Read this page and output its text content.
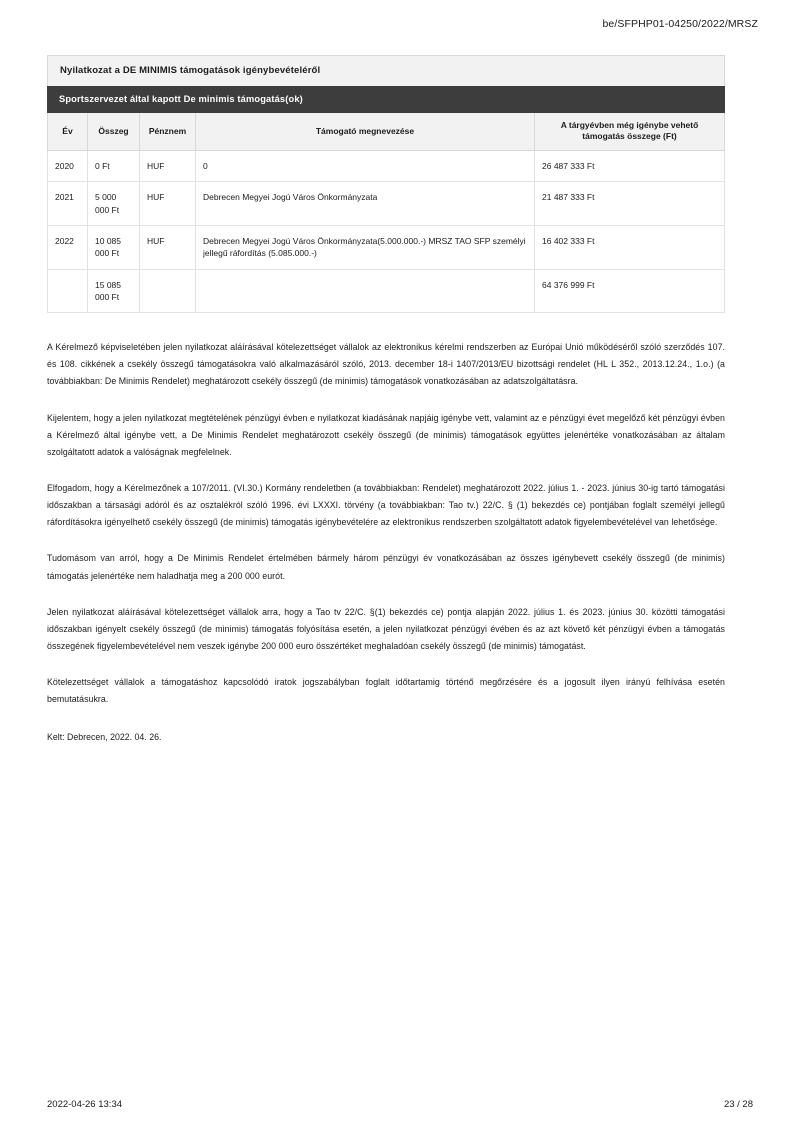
be/SFPHP01-04250/2022/MRSZ
Nyilatkozat a DE MINIMIS támogatások igénybevételéről
Sportszervezet által kapott De minimis támogatás(ok)
Év	Összeg	Pénznem	Támogató megnevezése	A tárgyévben még igénybe vehető támogatás összege (Ft)
2020	0 Ft	HUF	0	26 487 333 Ft
2021	5 000 000 Ft	HUF	Debrecen Megyei Jogú Város Önkormányzata	21 487 333 Ft
2022	10 085 000 Ft	HUF	Debrecen Megyei Jogú Város Önkormányzata(5.000.000.-) MRSZ TAO SFP személyi jellegű ráfordítás (5.085.000.-)	16 402 333 Ft
	15 085 000 Ft			64 376 999 Ft

A Kérelmező képviseletében jelen nyilatkozat aláírásával kötelezettséget vállalok az elektronikus kérelmi rendszerben az Európai Unió működéséről szóló szerződés 107. és 108. cikkének a csekély összegű támogatásokra való alkalmazásáról szóló, 2013. december 18-i 1407/2013/EU bizottsági rendelet (HL L 352., 2013.12.24., 1.o.) (a továbbiakban: De Minimis Rendelet) meghatározott csekély összegű (de minimis) támogatások vonatkozásában az adatszolgáltatásra.

Kijelentem, hogy a jelen nyilatkozat megtételének pénzügyi évben e nyilatkozat kiadásának napjáig igénybe vett, valamint az e pénzügyi évet megelőző két pénzügyi évben a Kérelmező által igénybe vett, a De Minimis Rendelet meghatározott csekély összegű (de minimis) támogatások együttes jelenértéke vonatkozásában az általam szolgáltatott adatok a valóságnak megfelelnek.

Elfogadom, hogy a Kérelmezőnek a 107/2011. (VI.30.) Kormány rendeletben (a továbbiakban: Rendelet) meghatározott 2022. július 1. - 2023. június 30-ig tartó támogatási időszakban a társasági adóról és az osztalékról szóló 1996. évi LXXXI. törvény (a továbbiakban: Tao tv.) 22/C. § (1) bekezdés ce) pontjában foglalt személyi jellegű ráfordításokra igényelhető csekély összegű (de minimis) támogatás igénybevételére az elektronikus rendszerben szolgáltatott adatok figyelembevételével van lehetősége.

Tudomásom van arról, hogy a De Minimis Rendelet értelmében bármely három pénzügyi év vonatkozásában az összes igénybevett csekély összegű (de minimis) támogatás jelenértéke nem haladhatja meg a 200 000 eurót.

Jelen nyilatkozat aláírásával kötelezettséget vállalok arra, hogy a Tao tv 22/C. §(1) bekezdés ce) pontja alapján 2022. július 1. és 2023. június 30. közötti támogatási időszakban igényelt csekély összegű (de minimis) támogatás folyósítása esetén, a jelen nyilatkozat pénzügyi évében és az azt követő két pénzügyi évben a támogatás összegének figyelembevételével nem veszek igénybe 200 000 euro összértéket meghaladóan csekély összegű (de minimis) támogatást.

Kötelezettséget vállalok a támogatáshoz kapcsolódó iratok jogszabályban foglalt időtartamig történő megőrzésére és a jogosult ilyen irányú felhívása esetén bemutatásukra.

Kelt: Debrecen, 2022. 04. 26.

2022-04-26 13:34	23 / 28
